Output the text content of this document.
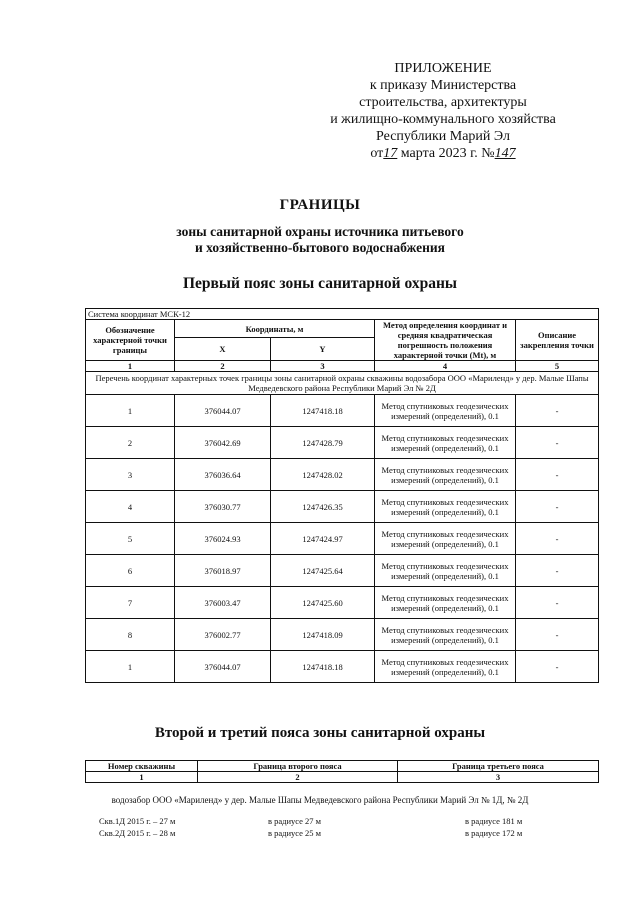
ПРИЛОЖЕНИЕ
к приказу Министерства
строительства, архитектуры
и жилищно-коммунального хозяйства
Республики Марий Эл
от17 марта 2023 г. №147
ГРАНИЦЫ
зоны санитарной охраны источника питьевого
и хозяйственно-бытового водоснабжения
Первый пояс зоны санитарной охраны
Система координат МСК-12				
Обозначение характерной точки границы	Координаты, м		Метод определения координат и средняя квадратическая погрешность положения характерной точки (Mt), м	Описание закрепления точки
	X	Y		
1	2	3	4	5
Перечень координат характерных точек границы зоны санитарной охраны скважины водозабора ООО «Мариленд» у дер. Малые Шапы Медведевского района Республики Марий Эл № 2Д				
1	376044.07	1247418.18	Метод спутниковых геодезических измерений (определений), 0.1	-
2	376042.69	1247428.79	Метод спутниковых геодезических измерений (определений), 0.1	-
3	376036.64	1247428.02	Метод спутниковых геодезических измерений (определений), 0.1	-
4	376030.77	1247426.35	Метод спутниковых геодезических измерений (определений), 0.1	-
5	376024.93	1247424.97	Метод спутниковых геодезических измерений (определений), 0.1	-
6	376018.97	1247425.64	Метод спутниковых геодезических измерений (определений), 0.1	-
7	376003.47	1247425.60	Метод спутниковых геодезических измерений (определений), 0.1	-
8	376002.77	1247418.09	Метод спутниковых геодезических измерений (определений), 0.1	-
1	376044.07	1247418.18	Метод спутниковых геодезических измерений (определений), 0.1	-
Второй и третий пояса зоны санитарной охраны
Номер скважины	Граница второго пояса	Граница третьего пояса
1	2	3
водозабор ООО «Мариленд» у дер. Малые Шапы Медведевского района Республики Марий Эл № 1Д, № 2Д
Скв.1Д 2015 г. – 27 м	в радиусе 27 м	в радиусе 181 м
Скв.2Д 2015 г. – 28 м	в радиусе 25 м	в радиусе 172 м
